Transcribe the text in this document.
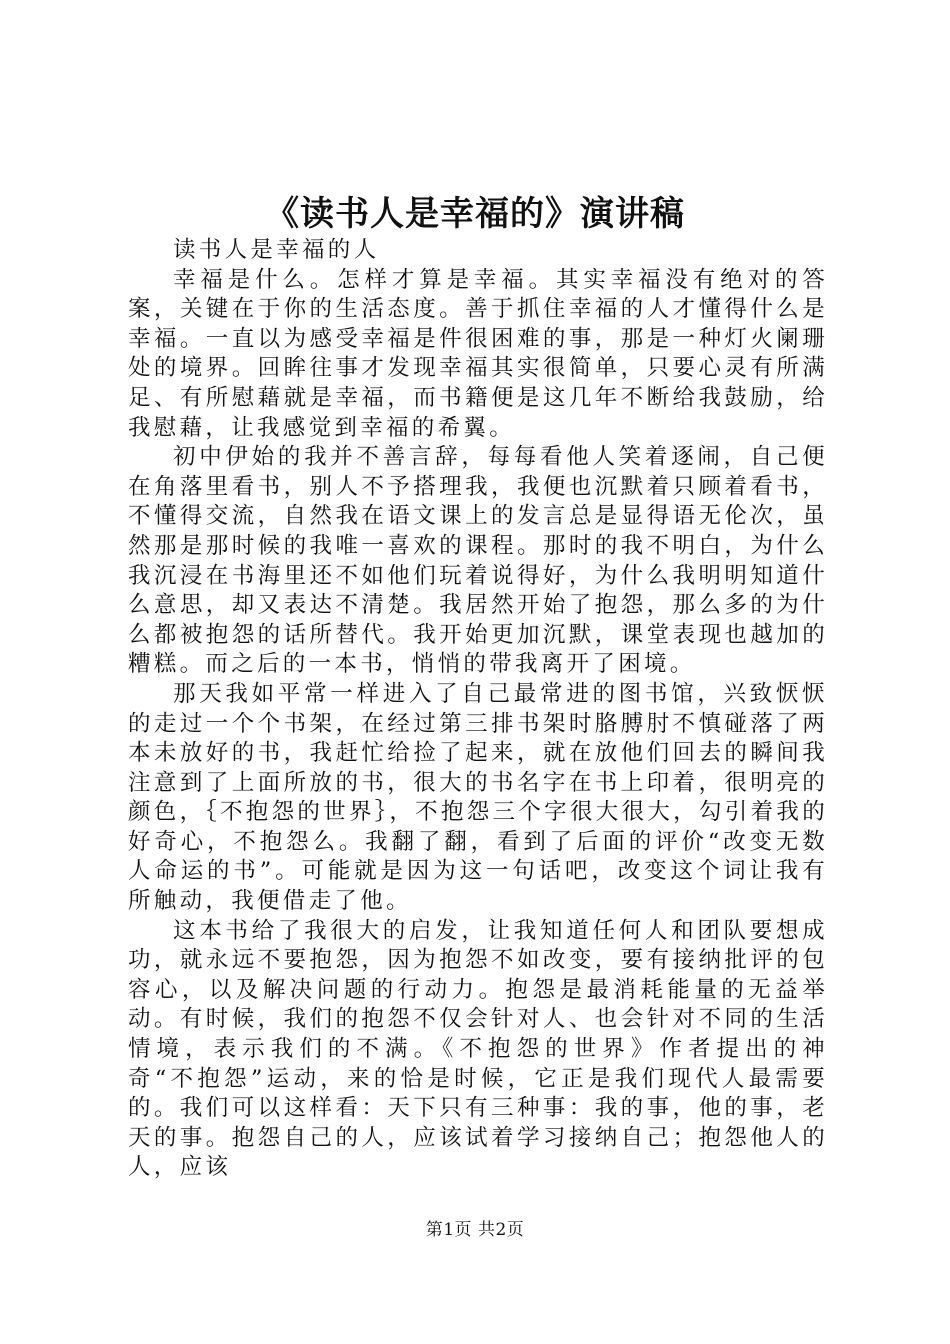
《读书人是幸福的》演讲稿

读书人是幸福的人

幸福是什么。怎样才算是幸福。其实幸福没有绝对的答案，关键在于你的生活态度。善于抓住幸福的人才懂得什么是幸福。一直以为感受幸福是件很困难的事，那是一种灯火阑珊处的境界。回眸往事才发现幸福其实很简单，只要心灵有所满足、有所慰藉就是幸福，而书籍便是这几年不断给我鼓励，给我慰藉，让我感觉到幸福的希翼。

初中伊始的我并不善言辞，每每看他人笑着逐闹，自己便在角落里看书，别人不予搭理我，我便也沉默着只顾着看书，不懂得交流，自然我在语文课上的发言总是显得语无伦次，虽然那是那时候的我唯一喜欢的课程。那时的我不明白，为什么我沉浸在书海里还不如他们玩着说得好，为什么我明明知道什么意思，却又表达不清楚。我居然开始了抱怨，那么多的为什么都被抱怨的话所替代。我开始更加沉默，课堂表现也越加的糟糕。而之后的一本书，悄悄的带我离开了困境。

那天我如平常一样进入了自己最常进的图书馆，兴致恹恹的走过一个个书架，在经过第三排书架时胳膊肘不慎碰落了两本未放好的书，我赶忙给捡了起来，就在放他们回去的瞬间我注意到了上面所放的书，很大的书名字在书上印着，很明亮的颜色，｛不抱怨的世界｝，不抱怨三个字很大很大，勾引着我的好奇心，不抱怨么。我翻了翻，看到了后面的评价“改变无数人命运的书”。可能就是因为这一句话吧，改变这个词让我有所触动，我便借走了他。

这本书给了我很大的启发，让我知道任何人和团队要想成功，就永远不要抱怨，因为抱怨不如改变，要有接纳批评的包容心，以及解决问题的行动力。抱怨是最消耗能量的无益举动。有时候，我们的抱怨不仅会针对人、也会针对不同的生活情境，表示我们的不满。《不抱怨的世界》作者提出的神奇“不抱怨”运动，来的恰是时候，它正是我们现代人最需要的。我们可以这样看：天下只有三种事：我的事，他的事，老天的事。抱怨自己的人，应该试着学习接纳自己；抱怨他人的人，应该

第1页 共2页
